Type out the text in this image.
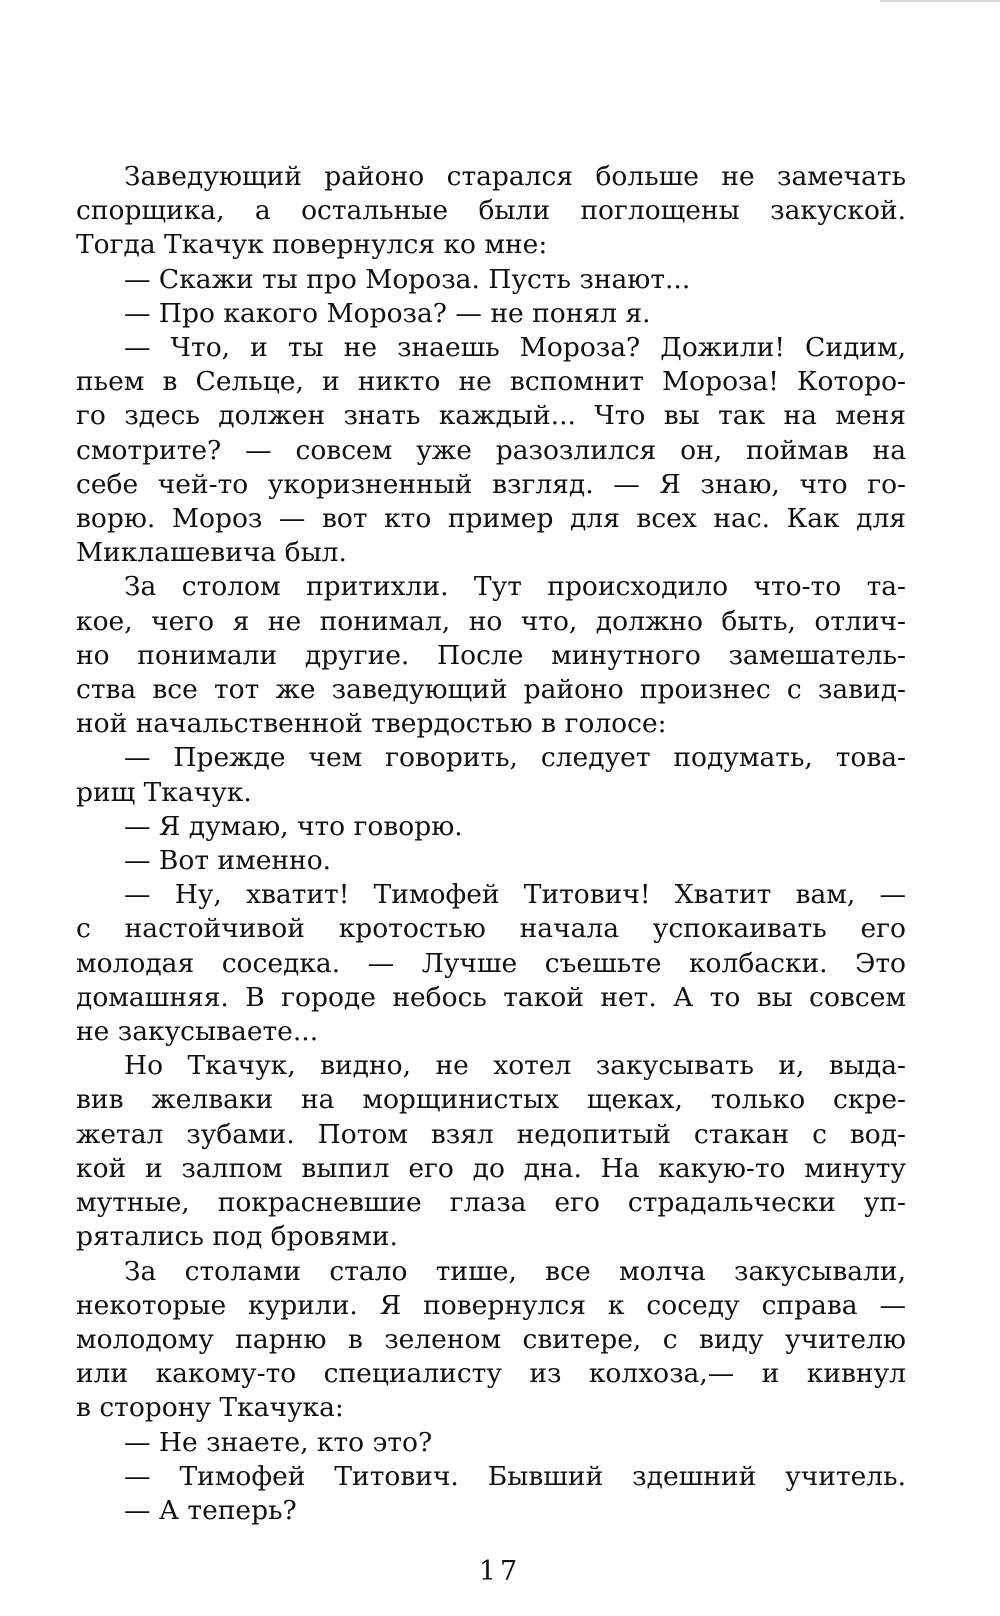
Заведующий районо старался больше не замечать
спорщика, а остальные были поглощены закуской.
Тогда Ткачук повернулся ко мне:
— Скажи ты про Мороза. Пусть знают...
— Про какого Мороза? — не понял я.
— Что, и ты не знаешь Мороза? Дожили! Сидим,
пьем в Сельце, и никто не вспомнит Мороза! Которо-
го здесь должен знать каждый... Что вы так на меня
смотрите? — совсем уже разозлился он, поймав на
себе чей-то укоризненный взгляд. — Я знаю, что го-
ворю. Мороз — вот кто пример для всех нас. Как для
Миклашевича был.
За столом притихли. Тут происходило что-то та-
кое, чего я не понимал, но что, должно быть, отлич-
но понимали другие. После минутного замешатель-
ства все тот же заведующий районо произнес с завид-
ной начальственной твердостью в голосе:
— Прежде чем говорить, следует подумать, това-
рищ Ткачук.
— Я думаю, что говорю.
— Вот именно.
— Ну, хватит! Тимофей Титович! Хватит вам, —
с настойчивой кротостью начала успокаивать его
молодая соседка. — Лучше съешьте колбаски. Это
домашняя. В городе небось такой нет. А то вы совсем
не закусываете...
Но Ткачук, видно, не хотел закусывать и, выда-
вив желваки на морщинистых щеках, только скре-
жетал зубами. Потом взял недопитый стакан с вод-
кой и залпом выпил его до дна. На какую-то минуту
мутные, покрасневшие глаза его страдальчески уп-
рятались под бровями.
За столами стало тише, все молча закусывали,
некоторые курили. Я повернулся к соседу справа —
молодому парню в зеленом свитере, с виду учителю
или какому-то специалисту из колхоза,— и кивнул
в сторону Ткачука:
— Не знаете, кто это?
— Тимофей Титович. Бывший здешний учитель.
— А теперь?
17
